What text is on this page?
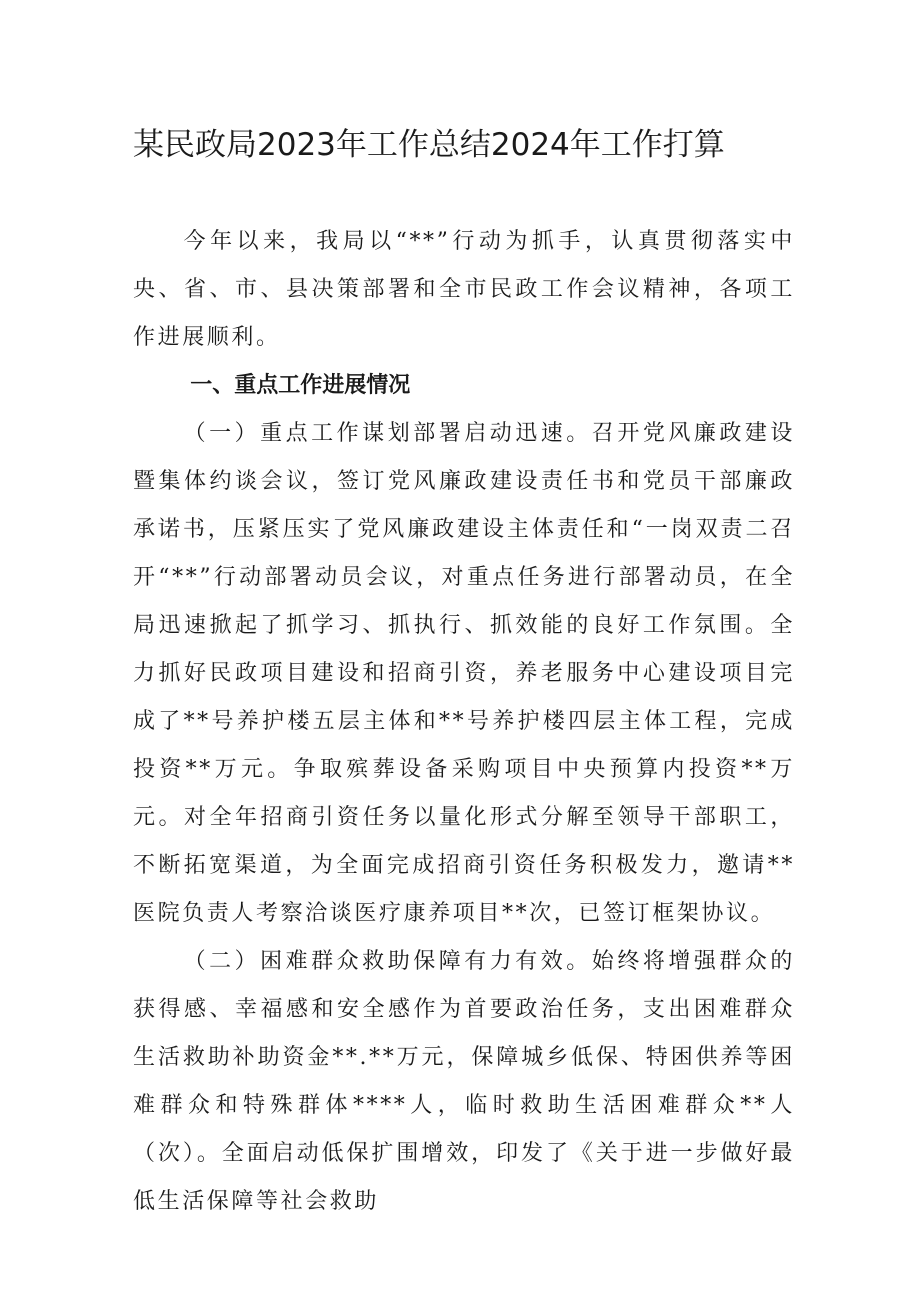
某民政局2023年工作总结2024年工作打算

今年以来，我局以“**”行动为抓手，认真贯彻落实中央、省、市、县决策部署和全市民政工作会议精神，各项工作进展顺利。

一、重点工作进展情况

（一）重点工作谋划部署启动迅速。召开党风廉政建设暨集体约谈会议，签订党风廉政建设责任书和党员干部廉政承诺书，压紧压实了党风廉政建设主体责任和“一岗双责二召开“**”行动部署动员会议，对重点任务进行部署动员，在全局迅速掀起了抓学习、抓执行、抓效能的良好工作氛围。全力抓好民政项目建设和招商引资，养老服务中心建设项目完成了**号养护楼五层主体和**号养护楼四层主体工程，完成投资**万元。争取殡葬设备采购项目中央预算内投资**万元。对全年招商引资任务以量化形式分解至领导干部职工，不断拓宽渠道，为全面完成招商引资任务积极发力，邀请**医院负责人考察洽谈医疗康养项目**次，已签订框架协议。

（二）困难群众救助保障有力有效。始终将增强群众的获得感、幸福感和安全感作为首要政治任务，支出困难群众生活救助补助资金**.**万元，保障城乡低保、特困供养等困难群众和特殊群体****人，临时救助生活困难群众**人（次）。全面启动低保扩围增效，印发了《关于进一步做好最低生活保障等社会救助
